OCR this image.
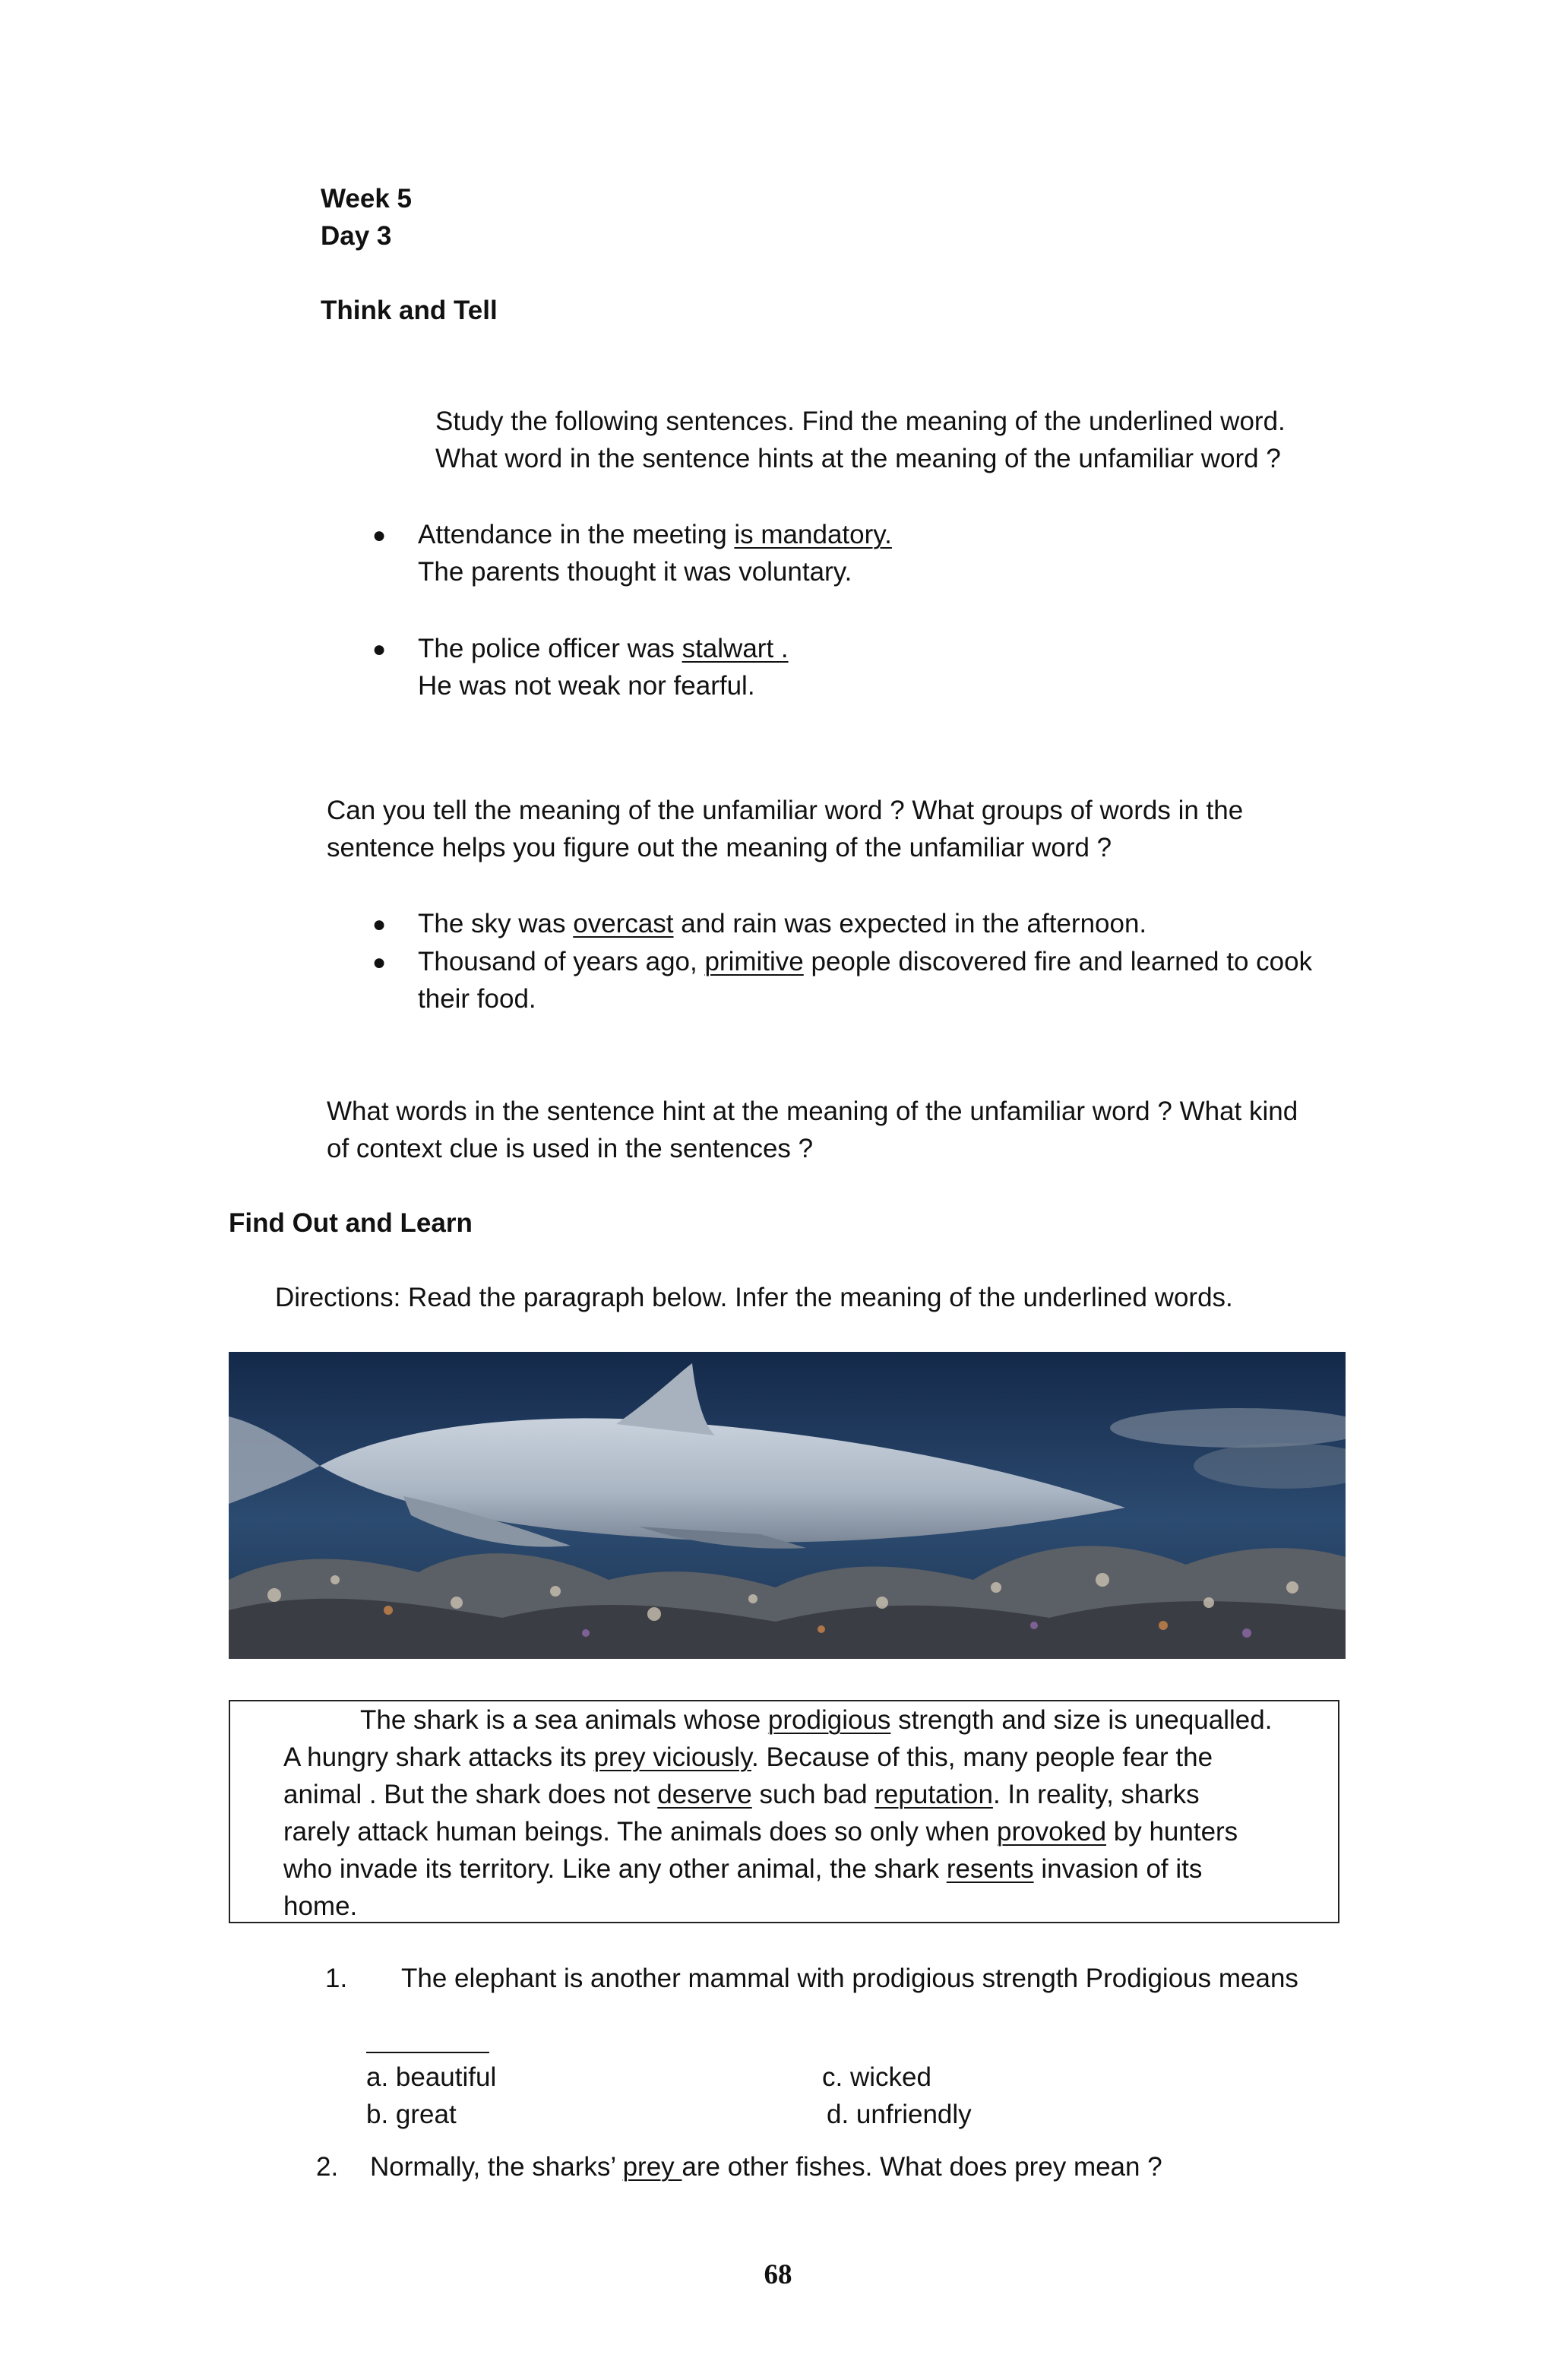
Week 5
Day 3
Think and Tell
Study the following sentences. Find the meaning of the underlined word.
What word in the sentence hints at the meaning of the unfamiliar word ?
● Attendance in the meeting is mandatory.
The parents thought it was voluntary.
● The police officer was stalwart .
He was not weak nor fearful.
Can you tell the meaning of the unfamiliar word ? What groups of words in the
sentence helps you figure out the meaning of the unfamiliar word ?
● The sky was overcast and rain was expected in the afternoon.
● Thousand of years ago, primitive people discovered fire and learned to cook
their food.
What words in the sentence hint at the meaning of the unfamiliar word ? What kind
of context clue is used in the sentences ?
Find Out and Learn
Directions: Read the paragraph below. Infer the meaning of the underlined words.
The shark is a sea animals whose prodigious strength and size is unequalled.
A hungry shark attacks its prey viciously. Because of this, many people fear the
animal . But the shark does not deserve such bad reputation. In reality, sharks
rarely attack human beings. The animals does so only when provoked by hunters
who invade its territory. Like any other animal, the shark resents invasion of its
home.
1. The elephant is another mammal with prodigious strength Prodigious means
a. beautiful
b. great
c. wicked
d. unfriendly
2. Normally, the sharks’ prey are other fishes. What does prey mean ?
68
